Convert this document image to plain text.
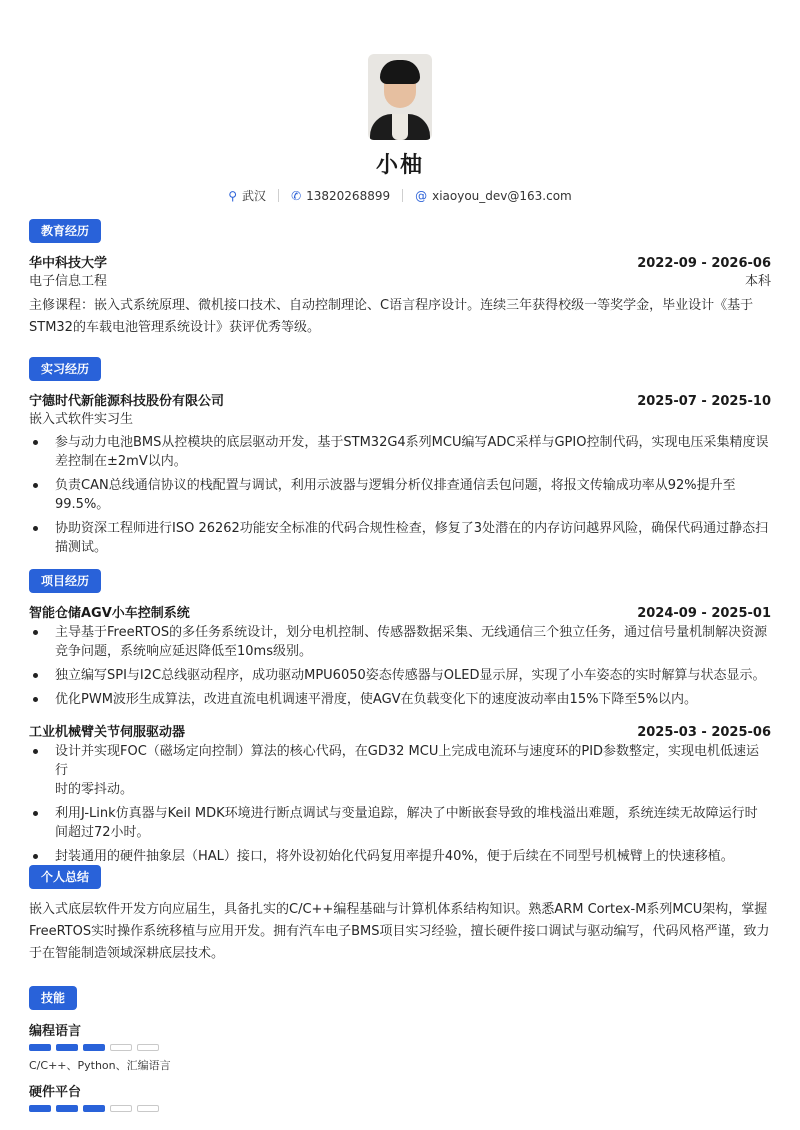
小柚
⚲ 武汉 ✆ 13820268899 @ xiaoyou_dev@163.com
教育经历
华中科技大学	2022-09 - 2026-06
电子信息工程	本科
主修课程：嵌入式系统原理、微机接口技术、自动控制理论、C语言程序设计。连续三年获得校级一等奖学金，毕业设计《基于
STM32的车载电池管理系统设计》获评优秀等级。
实习经历
宁德时代新能源科技股份有限公司	2025-07 - 2025-10
嵌入式软件实习生
参与动力电池BMS从控模块的底层驱动开发，基于STM32G4系列MCU编写ADC采样与GPIO控制代码，实现电压采集精度误
差控制在±2mV以内。
负责CAN总线通信协议的栈配置与调试，利用示波器与逻辑分析仪排查通信丢包问题，将报文传输成功率从92%提升至
99.5%。
协助资深工程师进行ISO 26262功能安全标准的代码合规性检查，修复了3处潜在的内存访问越界风险，确保代码通过静态扫
描测试。
项目经历
智能仓储AGV小车控制系统	2024-09 - 2025-01
主导基于FreeRTOS的多任务系统设计，划分电机控制、传感器数据采集、无线通信三个独立任务，通过信号量机制解决资源
竞争问题，系统响应延迟降低至10ms级别。
独立编写SPI与I2C总线驱动程序，成功驱动MPU6050姿态传感器与OLED显示屏，实现了小车姿态的实时解算与状态显示。
优化PWM波形生成算法，改进直流电机调速平滑度，使AGV在负载变化下的速度波动率由15%下降至5%以内。
工业机械臂关节伺服驱动器	2025-03 - 2025-06
设计并实现FOC（磁场定向控制）算法的核心代码，在GD32 MCU上完成电流环与速度环的PID参数整定，实现电机低速运行
时的零抖动。
利用J-Link仿真器与Keil MDK环境进行断点调试与变量追踪，解决了中断嵌套导致的堆栈溢出难题，系统连续无故障运行时
间超过72小时。
封装通用的硬件抽象层（HAL）接口，将外设初始化代码复用率提升40%，便于后续在不同型号机械臂上的快速移植。
个人总结
嵌入式底层软件开发方向应届生，具备扎实的C/C++编程基础与计算机体系结构知识。熟悉ARM Cortex-M系列MCU架构，掌握
FreeRTOS实时操作系统移植与应用开发。拥有汽车电子BMS项目实习经验，擅长硬件接口调试与驱动编写，代码风格严谨，致力
于在智能制造领域深耕底层技术。
技能
编程语言
C/C++、Python、汇编语言
硬件平台
